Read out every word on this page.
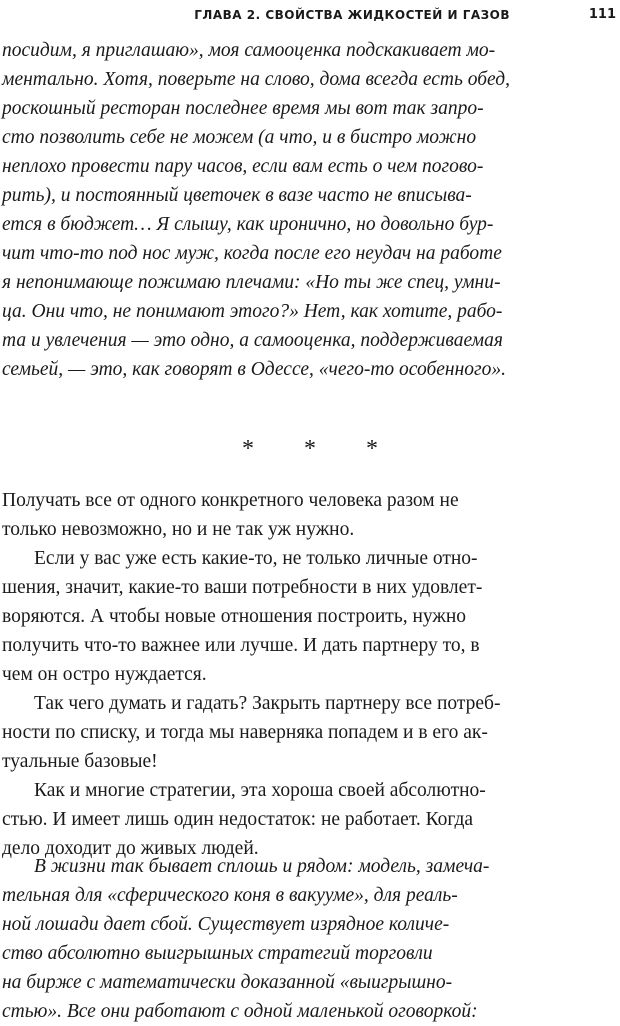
ГЛАВА 2. СВОЙСТВА ЖИДКОСТЕЙ И ГАЗОВ	111
посидим, я приглашаю», моя самооценка подскакивает мо-
ментально. Хотя, поверьте на слово, дома всегда есть обед,
роскошный ресторан последнее время мы вот так запро-
сто позволить себе не можем (а что, и в бистро можно
неплохо провести пару часов, если вам есть о чем погово-
рить), и постоянный цветочек в вазе часто не вписыва-
ется в бюджет… Я слышу, как иронично, но довольно бур-
чит что-то под нос муж, когда после его неудач на работе
я непонимающе пожимаю плечами: «Но ты же спец, умни-
ца. Они что, не понимают этого?» Нет, как хотите, рабо-
та и увлечения — это одно, а самооценка, поддерживаемая
семьей, — это, как говорят в Одессе, «чего-то особенного».
* * *
Получать все от одного конкретного человека разом не
только невозможно, но и не так уж нужно.
Если у вас уже есть какие-то, не только личные отно-
шения, значит, какие-то ваши потребности в них удовлет-
воряются. А чтобы новые отношения построить, нужно
получить что-то важнее или лучше. И дать партнеру то, в
чем он остро нуждается.
Так чего думать и гадать? Закрыть партнеру все потреб-
ности по списку, и тогда мы наверняка попадем и в его ак-
туальные базовые!
Как и многие стратегии, эта хороша своей абсолютно-
стью. И имеет лишь один недостаток: не работает. Когда
дело доходит до живых людей.
В жизни так бывает сплошь и рядом: модель, замеча-
тельная для «сферического коня в вакууме», для реаль-
ной лошади дает сбой. Существует изрядное количе-
ство абсолютно выигрышных стратегий торговли
на бирже с математически доказанной «выигрышно-
стью». Все они работают с одной маленькой оговоркой:
